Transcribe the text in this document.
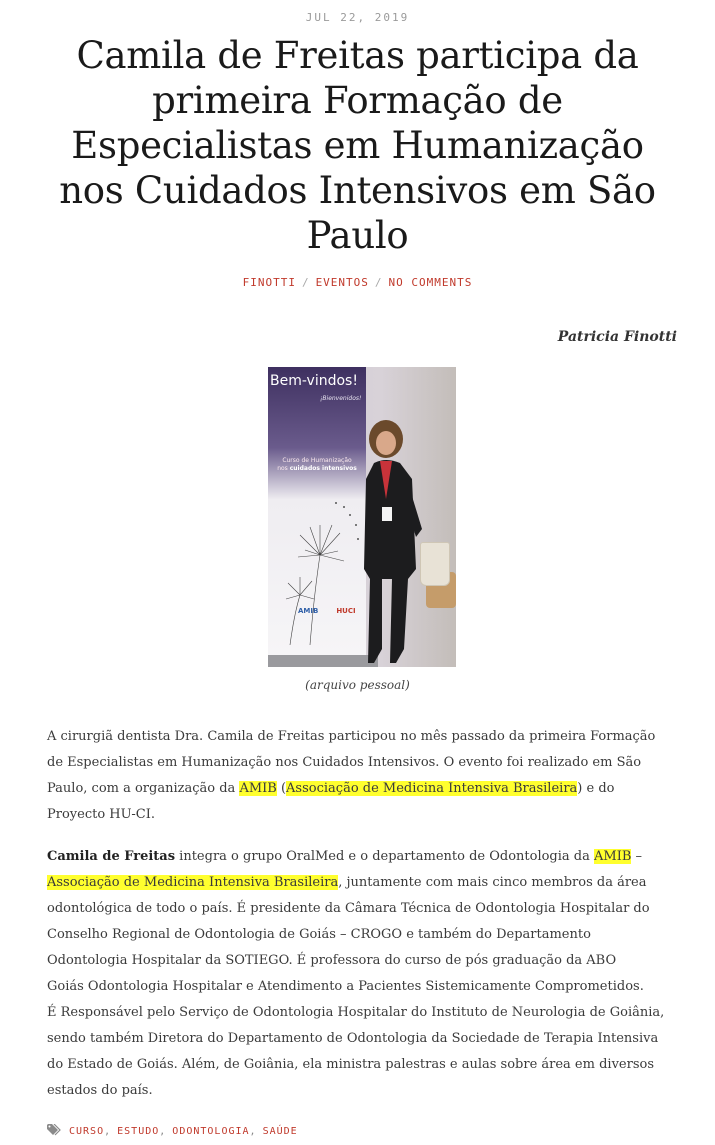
JUL 22, 2019
Camila de Freitas participa da
primeira Formação de
Especialistas em Humanização
nos Cuidados Intensivos em São
Paulo
FINOTTI / EVENTOS / NO COMMENTS
Patricia Finotti
Bem-vindos!
¡Bienvenidos!
Curso de Humanização
nos cuidados intensivos
AMIB	HUCI
(arquivo pessoal)
A cirurgiã dentista Dra. Camila de Freitas participou no mês passado da primeira Formação
de Especialistas em Humanização nos Cuidados Intensivos. O evento foi realizado em São
Paulo, com a organização da AMIB (Associação de Medicina Intensiva Brasileira) e do
Proyecto HU-CI.
Camila de Freitas integra o grupo OralMed e o departamento de Odontologia da AMIB –
Associação de Medicina Intensiva Brasileira, juntamente com mais cinco membros da área
odontológica de todo o país. É presidente da Câmara Técnica de Odontologia Hospitalar do
Conselho Regional de Odontologia de Goiás – CROGO e também do Departamento
Odontologia Hospitalar da SOTIEGO. É professora do curso de pós graduação da ABO
Goiás Odontologia Hospitalar e Atendimento a Pacientes Sistemicamente Comprometidos.
É Responsável pelo Serviço de Odontologia Hospitalar do Instituto de Neurologia de Goiânia,
sendo também Diretora do Departamento de Odontologia da Sociedade de Terapia Intensiva
do Estado de Goiás. Além, de Goiânia, ela ministra palestras e aulas sobre área em diversos
estados do país.
CURSO, ESTUDO, ODONTOLOGIA, SAÚDE
